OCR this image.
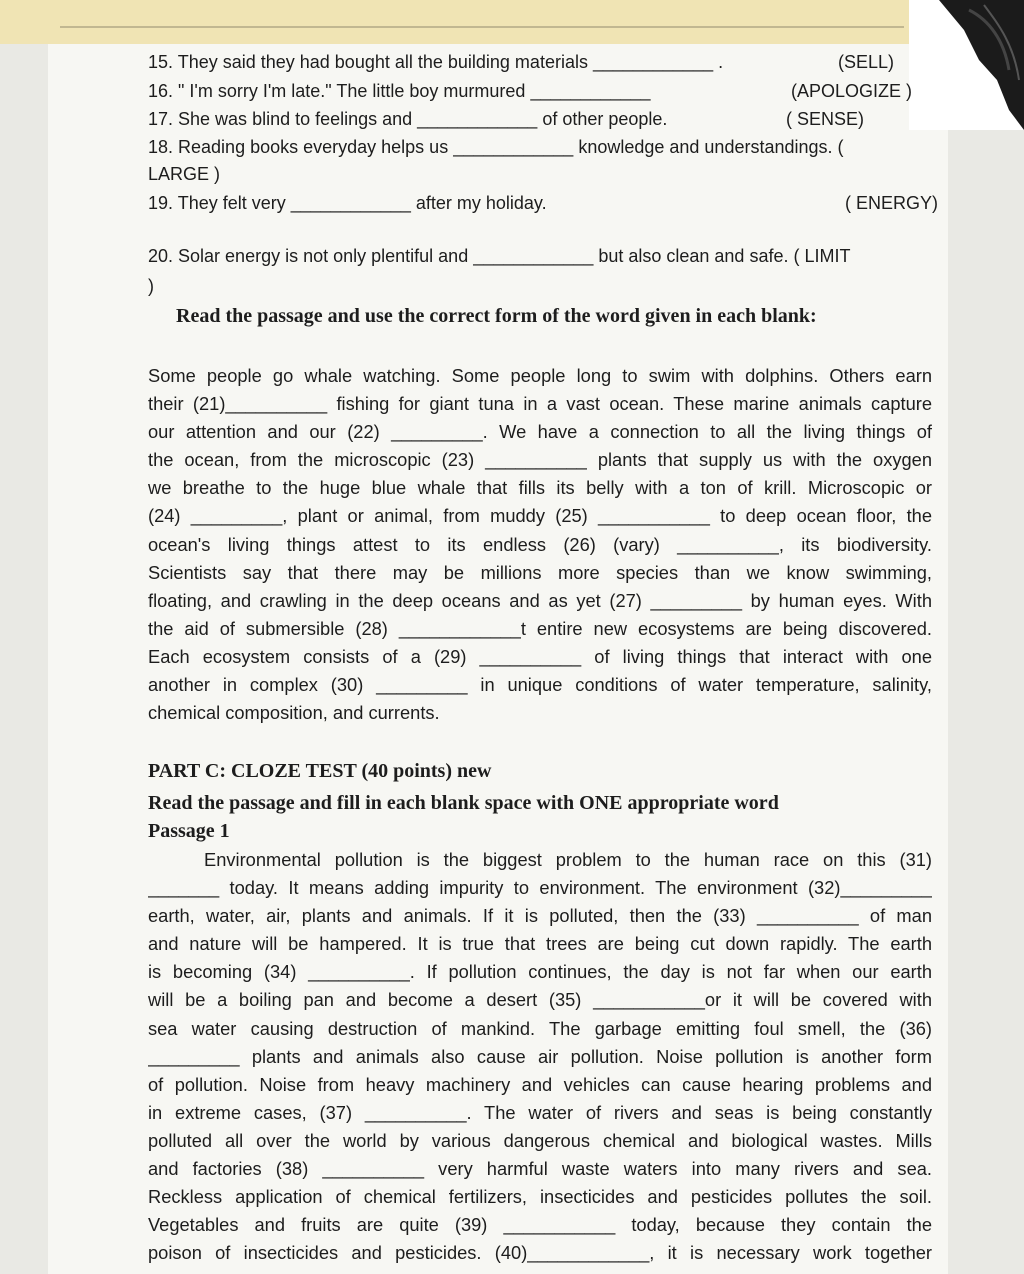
15. They said they had bought all the building materials ____________ .	(SELL)
16. " I'm sorry I'm late." The little boy murmured ____________	(APOLOGIZE )
17. She was blind to feelings and ____________ of other people.	( SENSE)
18. Reading books everyday helps us ____________ knowledge and understandings. (
LARGE )
19. They felt very ____________ after my holiday.	( ENERGY)
20. Solar energy is not only plentiful and ____________ but also clean and safe. ( LIMIT
)
Read the passage and use the correct form of the word given in each blank:
Some people go whale watching. Some people long to swim with dolphins. Others earn
their (21)__________ fishing for giant tuna in a vast ocean. These marine animals capture
our attention and our (22) _________. We have a connection to all the living things of
the ocean, from the microscopic (23) __________ plants that supply us with the oxygen
we breathe to the huge blue whale that fills its belly with a ton of krill. Microscopic or
(24) _________, plant or animal, from muddy (25) ___________ to deep ocean floor, the
ocean's living things attest to its endless (26) (vary) __________, its biodiversity.
Scientists say that there may be millions more species than we know swimming,
floating, and crawling in the deep oceans and as yet (27) _________ by human eyes. With
the aid of submersible (28) ____________t entire new ecosystems are being discovered.
Each ecosystem consists of a (29) __________ of living things that interact with one
another in complex (30) _________ in unique conditions of water temperature, salinity,
chemical composition, and currents.
PART C: CLOZE TEST (40 points) new
Read the passage and fill in each blank space with ONE appropriate word
Passage 1
Environmental pollution is the biggest problem to the human race on this (31)
_______ today. It means adding impurity to environment. The environment (32)_________
earth, water, air, plants and animals. If it is polluted, then the (33) __________ of man
and nature will be hampered. It is true that trees are being cut down rapidly. The earth
is becoming (34) __________. If pollution continues, the day is not far when our earth
will be a boiling pan and become a desert (35) ___________or it will be covered with
sea water causing destruction of mankind. The garbage emitting foul smell, the (36)
_________ plants and animals also cause air pollution. Noise pollution is another form
of pollution. Noise from heavy machinery and vehicles can cause hearing problems and
in extreme cases, (37) __________. The water of rivers and seas is being constantly
polluted all over the world by various dangerous chemical and biological wastes. Mills
and factories (38) __________ very harmful waste waters into many rivers and sea.
Reckless application of chemical fertilizers, insecticides and pesticides pollutes the soil.
Vegetables and fruits are quite (39) ___________ today, because they contain the
poison of insecticides and pesticides. (40)____________, it is necessary work together
